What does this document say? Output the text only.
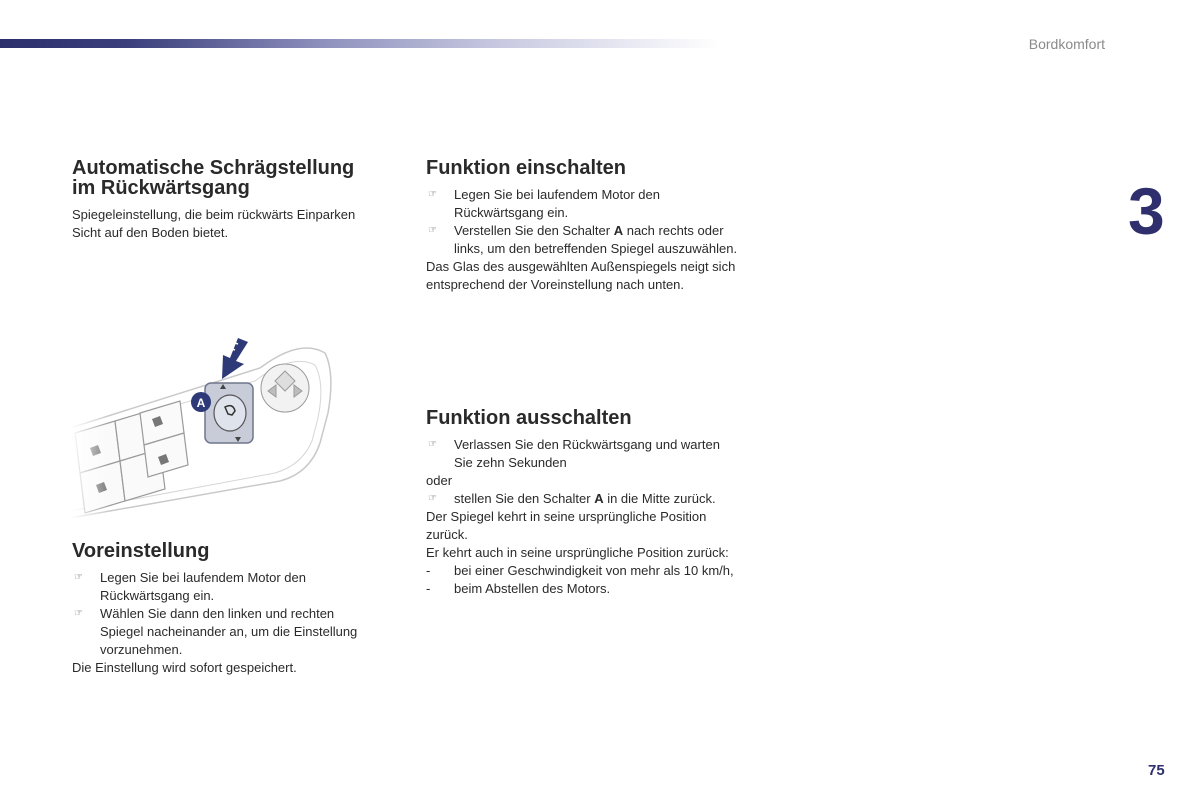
Bordkomfort
3
75
Automatische Schrägstellung
im Rückwärtsgang

Spiegeleinstellung, die beim rückwärts Einparken
Sicht auf den Boden bietet.

Voreinstellung
☞ Legen Sie bei laufendem Motor den
Rückwärtsgang ein.
☞ Wählen Sie dann den linken und rechten
Spiegel nacheinander an, um die Einstellung
vorzunehmen.

Die Einstellung wird sofort gespeichert.

Funktion einschalten
☞ Legen Sie bei laufendem Motor den
Rückwärtsgang ein.
☞ Verstellen Sie den Schalter A nach rechts oder
links, um den betreffenden Spiegel auszuwählen.

Das Glas des ausgewählten Außenspiegels neigt sich
entsprechend der Voreinstellung nach unten.

Funktion ausschalten
☞ Verlassen Sie den Rückwärtsgang und warten
Sie zehn Sekunden

oder

☞ stellen Sie den Schalter A in die Mitte zurück.

Der Spiegel kehrt in seine ursprüngliche Position
zurück.

Er kehrt auch in seine ursprüngliche Position zurück:

- bei einer Geschwindigkeit von mehr als 10 km/h,
- beim Abstellen des Motors.
